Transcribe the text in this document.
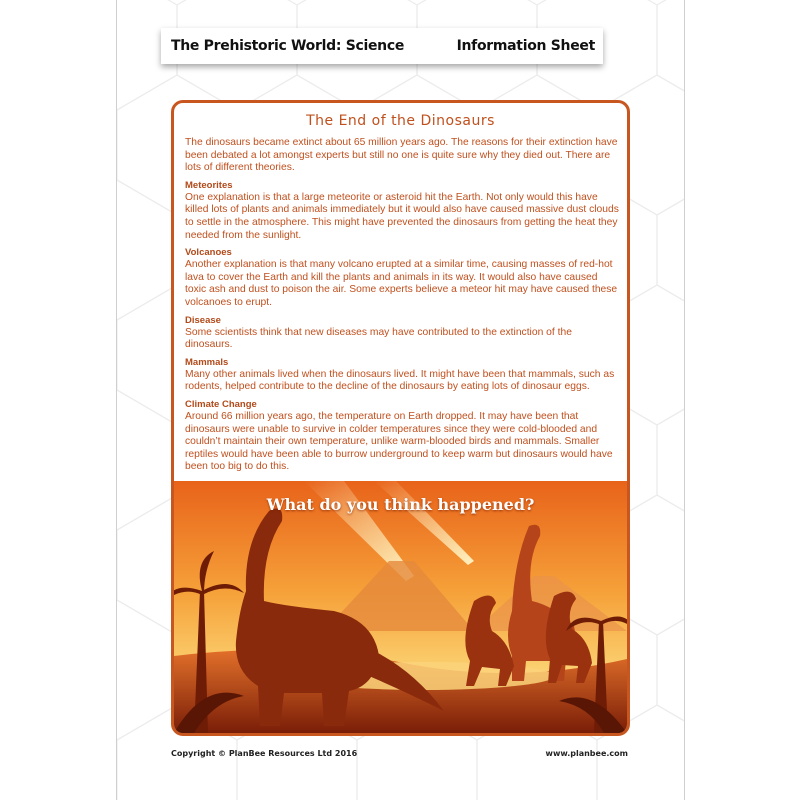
The Prehistoric World: Science	Information Sheet
The End of the Dinosaurs

The dinosaurs became extinct about 65 million years ago. The reasons for their extinction have been debated a lot amongst experts but still no one is quite sure why they died out. There are lots of different theories.

Meteorites

One explanation is that a large meteorite or asteroid hit the Earth. Not only would this have killed lots of plants and animals immediately but it would also have caused massive dust clouds to settle in the atmosphere. This might have prevented the dinosaurs from getting the heat they needed from the sunlight.

Volcanoes

Another explanation is that many volcano erupted at a similar time, causing masses of red-hot lava to cover the Earth and kill the plants and animals in its way. It would also have caused toxic ash and dust to poison the air. Some experts believe a meteor hit may have caused these volcanoes to erupt.

Disease

Some scientists think that new diseases may have contributed to the extinction of the dinosaurs.

Mammals

Many other animals lived when the dinosaurs lived. It might have been that mammals, such as rodents, helped contribute to the decline of the dinosaurs by eating lots of dinosaur eggs.

Climate Change

Around 66 million years ago, the temperature on Earth dropped. It may have been that dinosaurs were unable to survive in colder temperatures since they were cold-blooded and couldn’t maintain their own temperature, unlike warm-blooded birds and mammals. Smaller reptiles would have been able to burrow underground to keep warm but dinosaurs would have been too big to do this.

What do you think happened?
Copyright © PlanBee Resources Ltd 2016	www.planbee.com
